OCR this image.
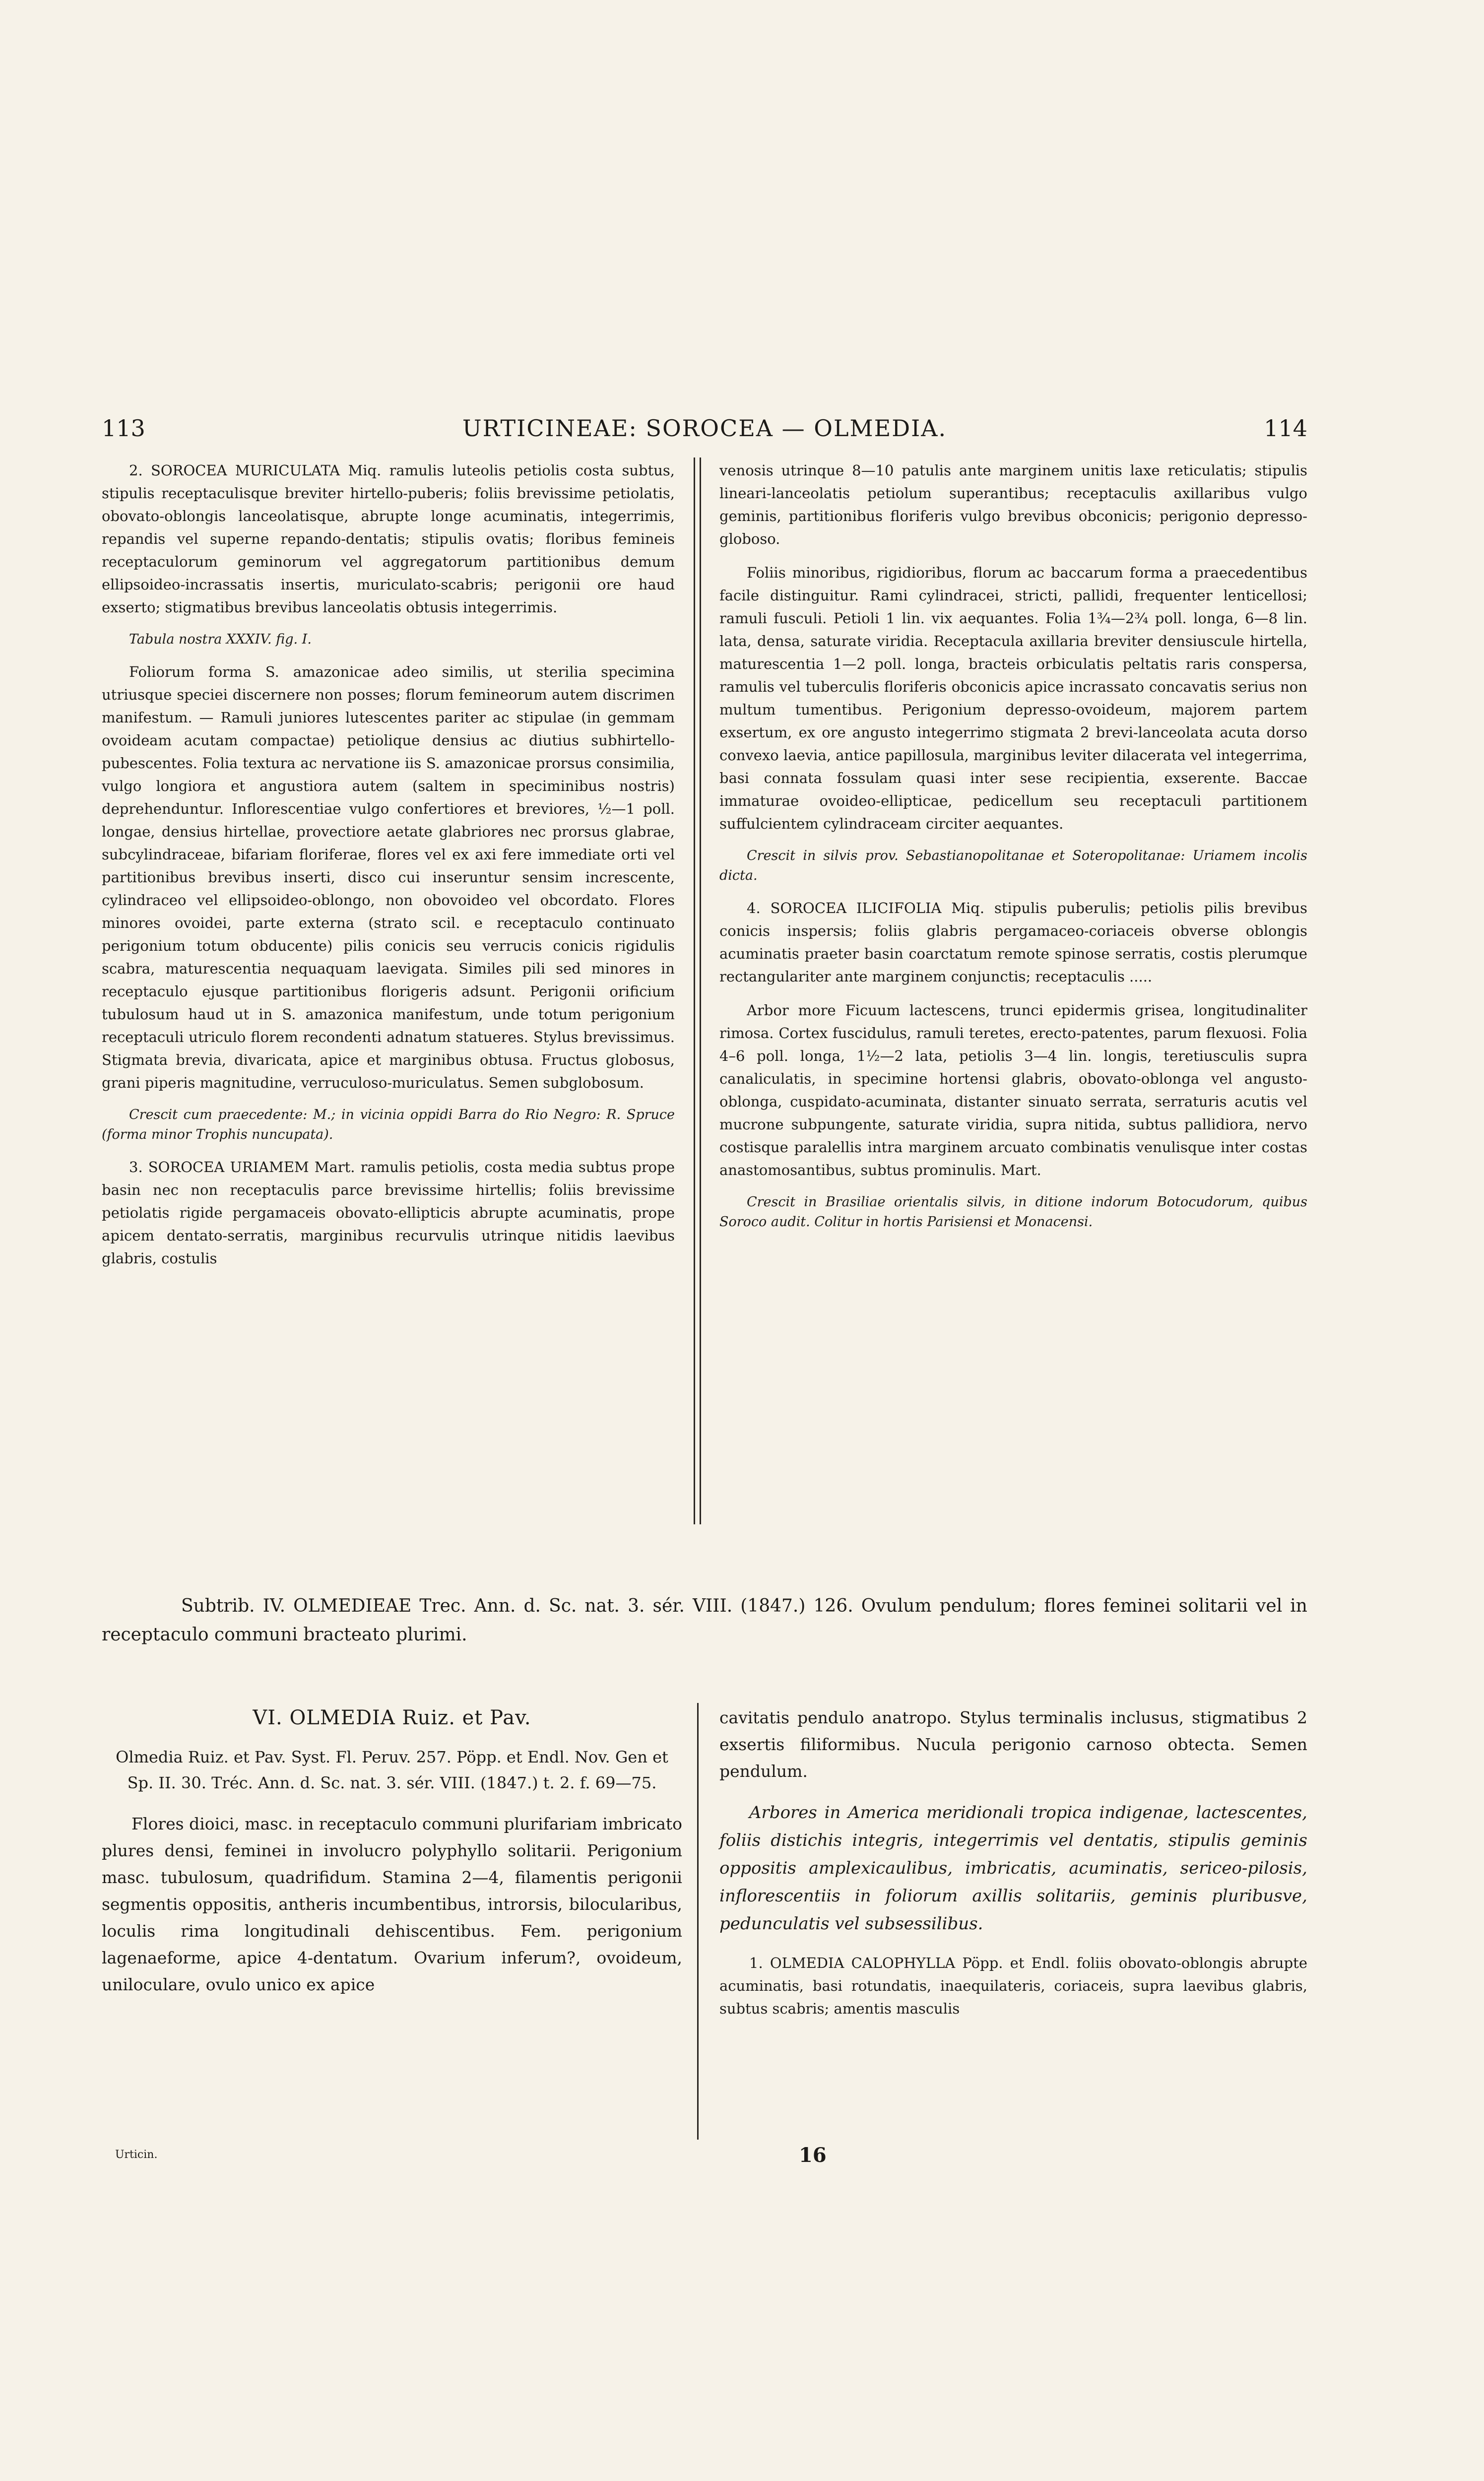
113	URTICINEAE: SOROCEA — OLMEDIA.	114

2. SOROCEA MURICULATA Miq. ramulis luteolis petiolis costa subtus, stipulis receptaculisque breviter hirtello-puberis; foliis brevissime petiolatis, obovato-oblongis lanceolatisque, abrupte longe acuminatis, integerrimis, repandis vel superne repando-dentatis; stipulis ovatis; floribus femineis receptaculorum geminorum vel aggregatorum partitionibus demum ellipsoideo-incrassatis insertis, muriculato-scabris; perigonii ore haud exserto; stigmatibus brevibus lanceolatis obtusis integerrimis.

Tabula nostra XXXIV. fig. I.

Foliorum forma S. amazonicae adeo similis, ut sterilia specimina utriusque speciei discernere non posses; florum femineorum autem discrimen manifestum. — Ramuli juniores lutescentes pariter ac stipulae (in gemmam ovoideam acutam compactae) petiolique densius ac diutius subhirtello-pubescentes. Folia textura ac nervatione iis S. amazonicae prorsus consimilia, vulgo longiora et angustiora autem (saltem in speciminibus nostris) deprehenduntur. Inflorescentiae vulgo confertiores et breviores, ½—1 poll. longae, densius hirtellae, provectiore aetate glabriores nec prorsus glabrae, subcylindraceae, bifariam floriferae, flores vel ex axi fere immediate orti vel partitionibus brevibus inserti, disco cui inseruntur sensim increscente, cylindraceo vel ellipsoideo-oblongo, non obovoideo vel obcordato. Flores minores ovoidei, parte externa (strato scil. e receptaculo continuato perigonium totum obducente) pilis conicis seu verrucis conicis rigidulis scabra, maturescentia nequaquam laevigata. Similes pili sed minores in receptaculo ejusque partitionibus florigeris adsunt. Perigonii orificium tubulosum haud ut in S. amazonica manifestum, unde totum perigonium receptaculi utriculo florem recondenti adnatum statueres. Stylus brevissimus. Stigmata brevia, divaricata, apice et marginibus obtusa. Fructus globosus, grani piperis magnitudine, verruculoso-muriculatus. Semen subglobosum.

Crescit cum praecedente: M.; in vicinia oppidi Barra do Rio Negro: R. Spruce (forma minor Trophis nuncupata).

3. SOROCEA URIAMEM Mart. ramulis petiolis, costa media subtus prope basin nec non receptaculis parce brevissime hirtellis; foliis brevissime petiolatis rigide pergamaceis obovato-ellipticis abrupte acuminatis, prope apicem dentato-serratis, marginibus recurvulis utrinque nitidis laevibus glabris, costulis

venosis utrinque 8—10 patulis ante marginem unitis laxe reticulatis; stipulis lineari-lanceolatis petiolum superantibus; receptaculis axillaribus vulgo geminis, partitionibus floriferis vulgo brevibus obconicis; perigonio depresso-globoso.

Foliis minoribus, rigidioribus, florum ac baccarum forma a praecedentibus facile distinguitur. Rami cylindracei, stricti, pallidi, frequenter lenticellosi; ramuli fusculi. Petioli 1 lin. vix aequantes. Folia 1¾—2¾ poll. longa, 6—8 lin. lata, densa, saturate viridia. Receptacula axillaria breviter densiuscule hirtella, maturescentia 1—2 poll. longa, bracteis orbiculatis peltatis raris conspersa, ramulis vel tuberculis floriferis obconicis apice incrassato concavatis serius non multum tumentibus. Perigonium depresso-ovoideum, majorem partem exsertum, ex ore angusto integerrimo stigmata 2 brevi-lanceolata acuta dorso convexo laevia, antice papillosula, marginibus leviter dilacerata vel integerrima, basi connata fossulam quasi inter sese recipientia, exserente. Baccae immaturae ovoideo-ellipticae, pedicellum seu receptaculi partitionem suffulcientem cylindraceam circiter aequantes.

Crescit in silvis prov. Sebastianopolitanae et Soteropolitanae: Uriamem incolis dicta.

4. SOROCEA ILICIFOLIA Miq. stipulis puberulis; petiolis pilis brevibus conicis inspersis; foliis glabris pergamaceo-coriaceis obverse oblongis acuminatis praeter basin coarctatum remote spinose serratis, costis plerumque rectangulariter ante marginem conjunctis; receptaculis .....

Arbor more Ficuum lactescens, trunci epidermis grisea, longitudinaliter rimosa. Cortex fuscidulus, ramuli teretes, erecto-patentes, parum flexuosi. Folia 4–6 poll. longa, 1½—2 lata, petiolis 3—4 lin. longis, teretiusculis supra canaliculatis, in specimine hortensi glabris, obovato-oblonga vel angusto-oblonga, cuspidato-acuminata, distanter sinuato serrata, serraturis acutis vel mucrone subpungente, saturate viridia, supra nitida, subtus pallidiora, nervo costisque paralellis intra marginem arcuato combinatis venulisque inter costas anastomosantibus, subtus prominulis. Mart.

Crescit in Brasiliae orientalis silvis, in ditione indorum Botocudorum, quibus Soroco audit. Colitur in hortis Parisiensi et Monacensi.

Subtrib. IV. OLMEDIEAE Trec. Ann. d. Sc. nat. 3. sér. VIII. (1847.) 126. Ovulum pendulum; flores feminei solitarii vel in receptaculo communi bracteato plurimi.
VI. OLMEDIA Ruiz. et Pav.
Olmedia Ruiz. et Pav. Syst. Fl. Peruv. 257. Pöpp. et Endl. Nov. Gen et Sp. II. 30. Tréc. Ann. d. Sc. nat. 3. sér. VIII. (1847.) t. 2. f. 69—75.

Flores dioici, masc. in receptaculo communi plurifariam imbricato plures densi, feminei in involucro polyphyllo solitarii. Perigonium masc. tubulosum, quadrifidum. Stamina 2—4, filamentis perigonii segmentis oppositis, antheris incumbentibus, introrsis, bilocularibus, loculis rima longitudinali dehiscentibus. Fem. perigonium lagenaeforme, apice 4-dentatum. Ovarium inferum?, ovoideum, uniloculare, ovulo unico ex apice

cavitatis pendulo anatropo. Stylus terminalis inclusus, stigmatibus 2 exsertis filiformibus. Nucula perigonio carnoso obtecta. Semen pendulum.

Arbores in America meridionali tropica indigenae, lactescentes, foliis distichis integris, integerrimis vel dentatis, stipulis geminis oppositis amplexicaulibus, imbricatis, acuminatis, sericeo-pilosis, inflorescentiis in foliorum axillis solitariis, geminis pluribusve, pedunculatis vel subsessilibus.

1. OLMEDIA CALOPHYLLA Pöpp. et Endl. foliis obovato-oblongis abrupte acuminatis, basi rotundatis, inaequilateris, coriaceis, supra laevibus glabris, subtus scabris; amentis masculis

Urticin.	16
